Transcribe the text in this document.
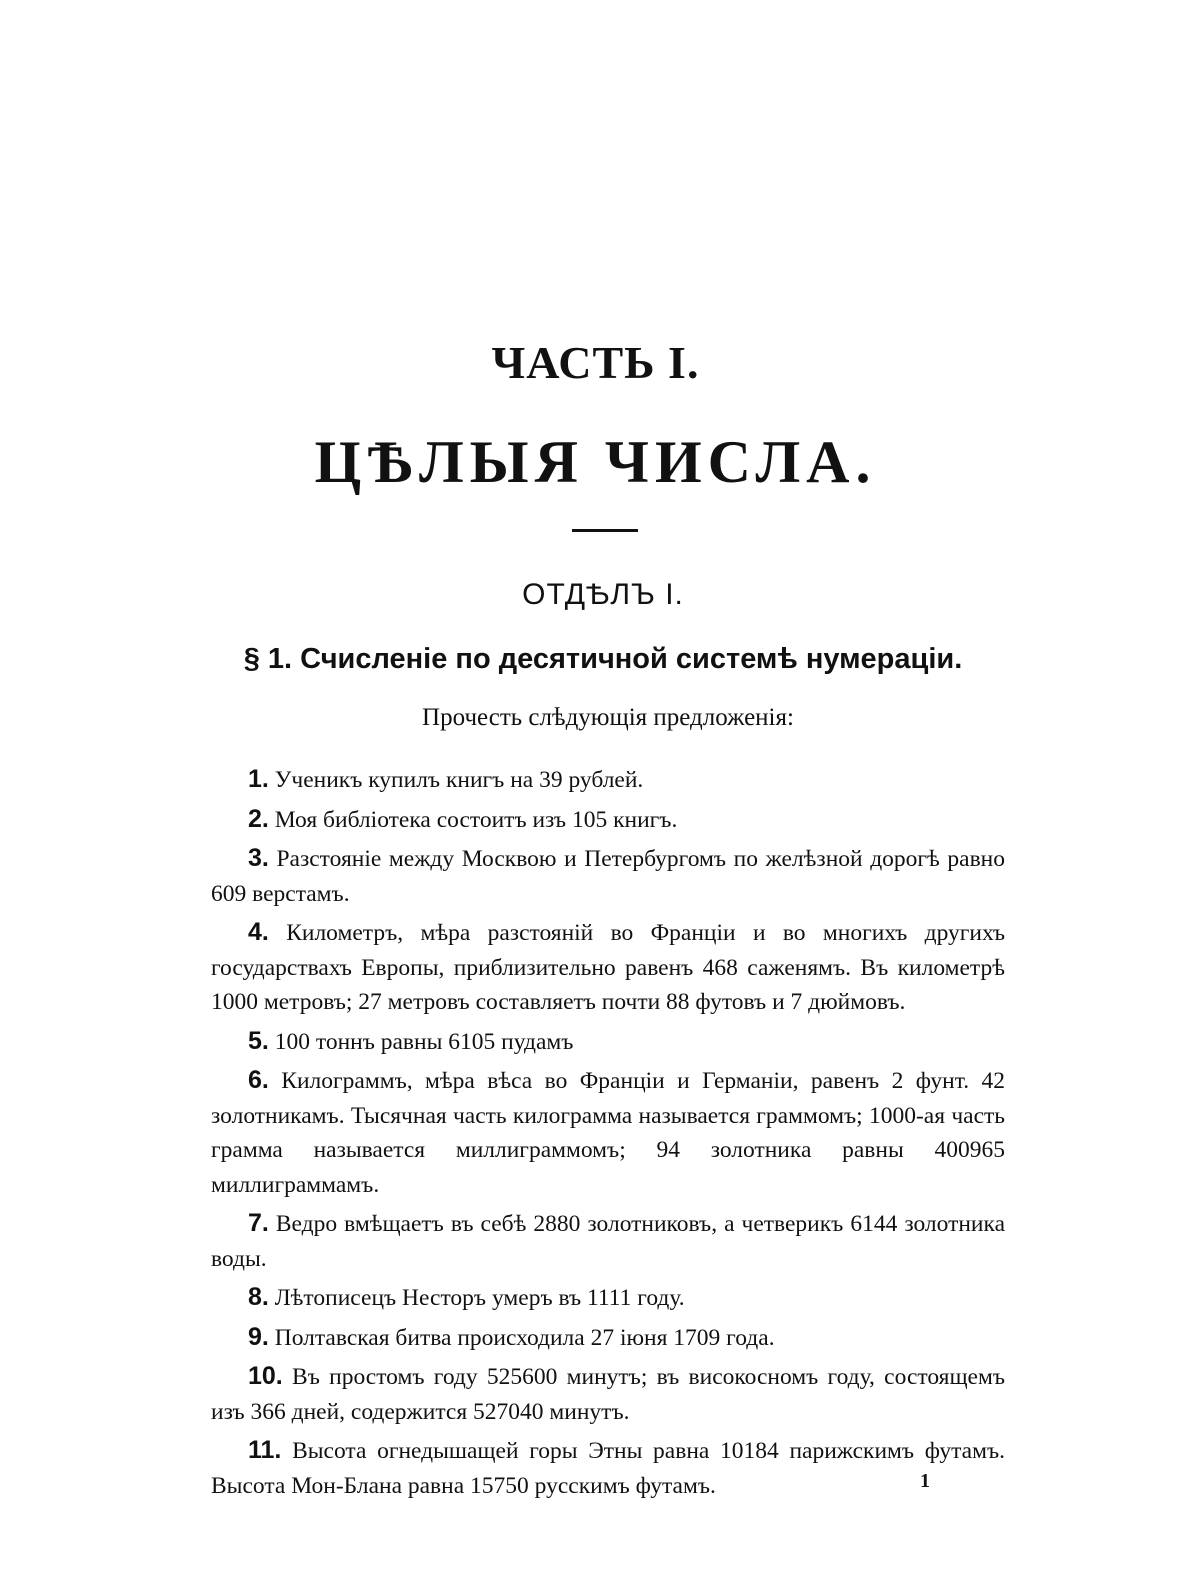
ЧАСТЬ I.
ЦѢЛЫЯ ЧИСЛА.
ОТДѢЛЪ I.
§ 1. Счисленіе по десятичной системѣ нумераціи.
Прочесть слѣдующія предложенія:

1. Ученикъ купилъ книгъ на 39 рублей.

2. Моя библіотека состоитъ изъ 105 книгъ.

3. Разстояніе между Москвою и Петербургомъ по желѣзной дорогѣ равно 609 верстамъ.

4. Километръ, мѣра разстояній во Франціи и во многихъ другихъ государствахъ Европы, приблизительно равенъ 468 саженямъ. Въ километрѣ 1000 метровъ; 27 метровъ составляетъ почти 88 футовъ и 7 дюймовъ.

5. 100 тоннъ равны 6105 пудамъ

6. Килограммъ, мѣра вѣса во Франціи и Германіи, равенъ 2 фунт. 42 золотникамъ. Тысячная часть килограмма называется граммомъ; 1000-ая часть грамма называется миллиграммомъ; 94 золотника равны 400965 миллиграммамъ.

7. Ведро вмѣщаетъ въ себѣ 2880 золотниковъ, а четверикъ 6144 золотника воды.

8. Лѣтописецъ Несторъ умеръ въ 1111 году.

9. Полтавская битва происходила 27 іюня 1709 года.

10. Въ простомъ году 525600 минутъ; въ високосномъ году, состоящемъ изъ 366 дней, содержится 527040 минутъ.

11. Высота огнедышащей горы Этны равна 10184 парижскимъ футамъ. Высота Мон-Блана равна 15750 русскимъ футамъ.	1
